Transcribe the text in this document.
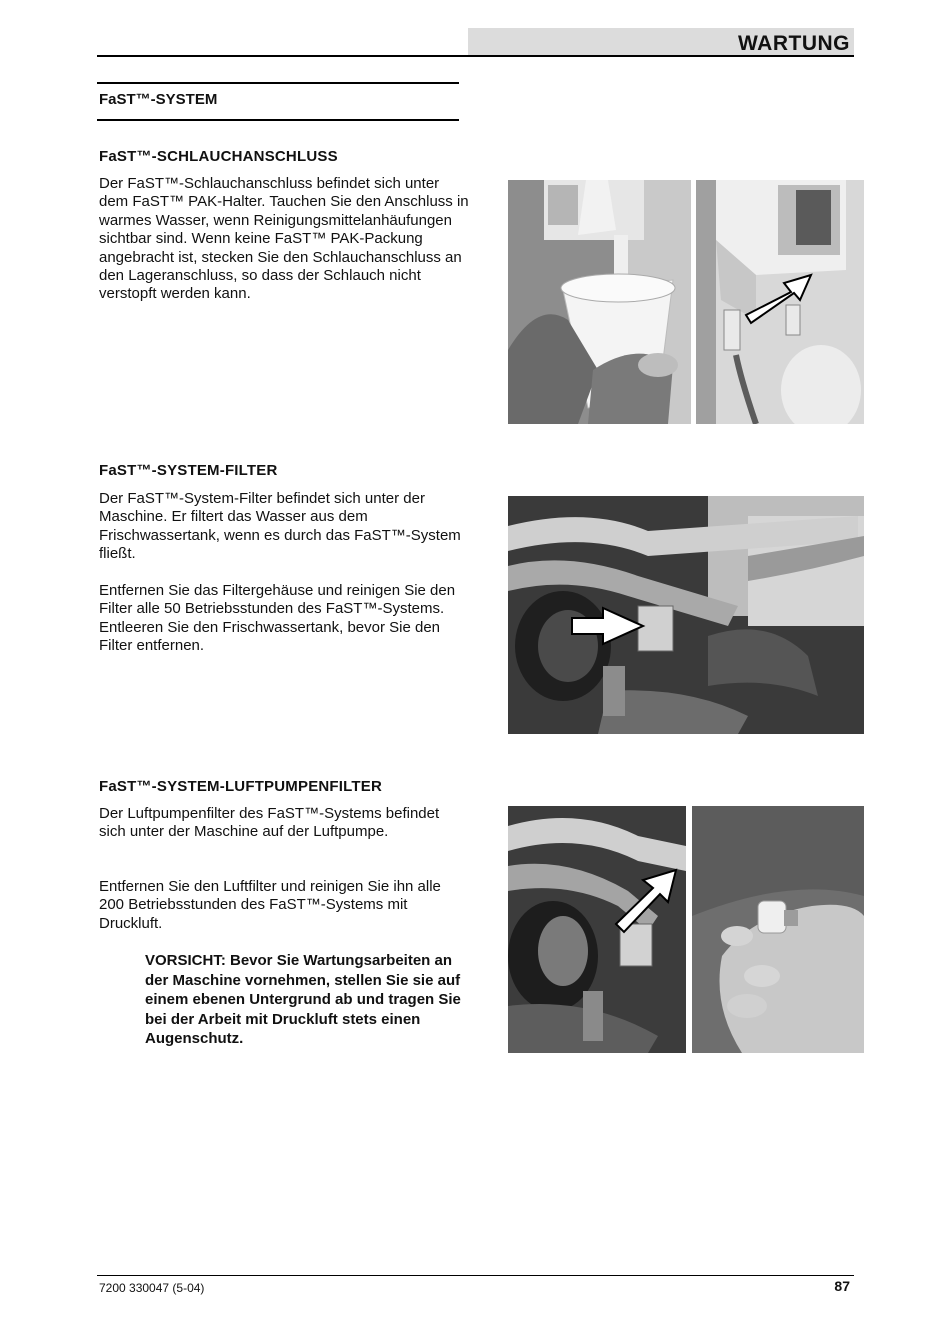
WARTUNG
FaST™-SYSTEM
FaST™-SCHLAUCHANSCHLUSS
Der FaST™-Schlauchanschluss befindet sich unter dem FaST™ PAK-Halter. Tauchen Sie den Anschluss in warmes Wasser, wenn Reinigungsmittelanhäufungen sichtbar sind. Wenn keine FaST™ PAK-Packung angebracht ist, stecken Sie den Schlauchanschluss an den Lageranschluss, so dass der Schlauch nicht verstopft werden kann.
FaST™-SYSTEM-FILTER
Der FaST™-System-Filter befindet sich unter der Maschine. Er filtert das Wasser aus dem Frischwassertank, wenn es durch das FaST™-System fließt.
Entfernen Sie das Filtergehäuse und reinigen Sie den Filter alle 50 Betriebsstunden des FaST™-Systems. Entleeren Sie den Frischwassertank, bevor Sie den Filter entfernen.
FaST™-SYSTEM-LUFTPUMPENFILTER
Der Luftpumpenfilter des FaST™-Systems befindet sich unter der Maschine auf der Luftpumpe.
Entfernen Sie den Luftfilter und reinigen Sie ihn alle 200 Betriebsstunden des FaST™-Systems mit Druckluft.
VORSICHT: Bevor Sie Wartungsarbeiten an der Maschine vornehmen, stellen Sie sie auf einem ebenen Untergrund ab und tragen Sie bei der Arbeit mit Druckluft stets einen Augenschutz.
7200 330047 (5-04)	87
